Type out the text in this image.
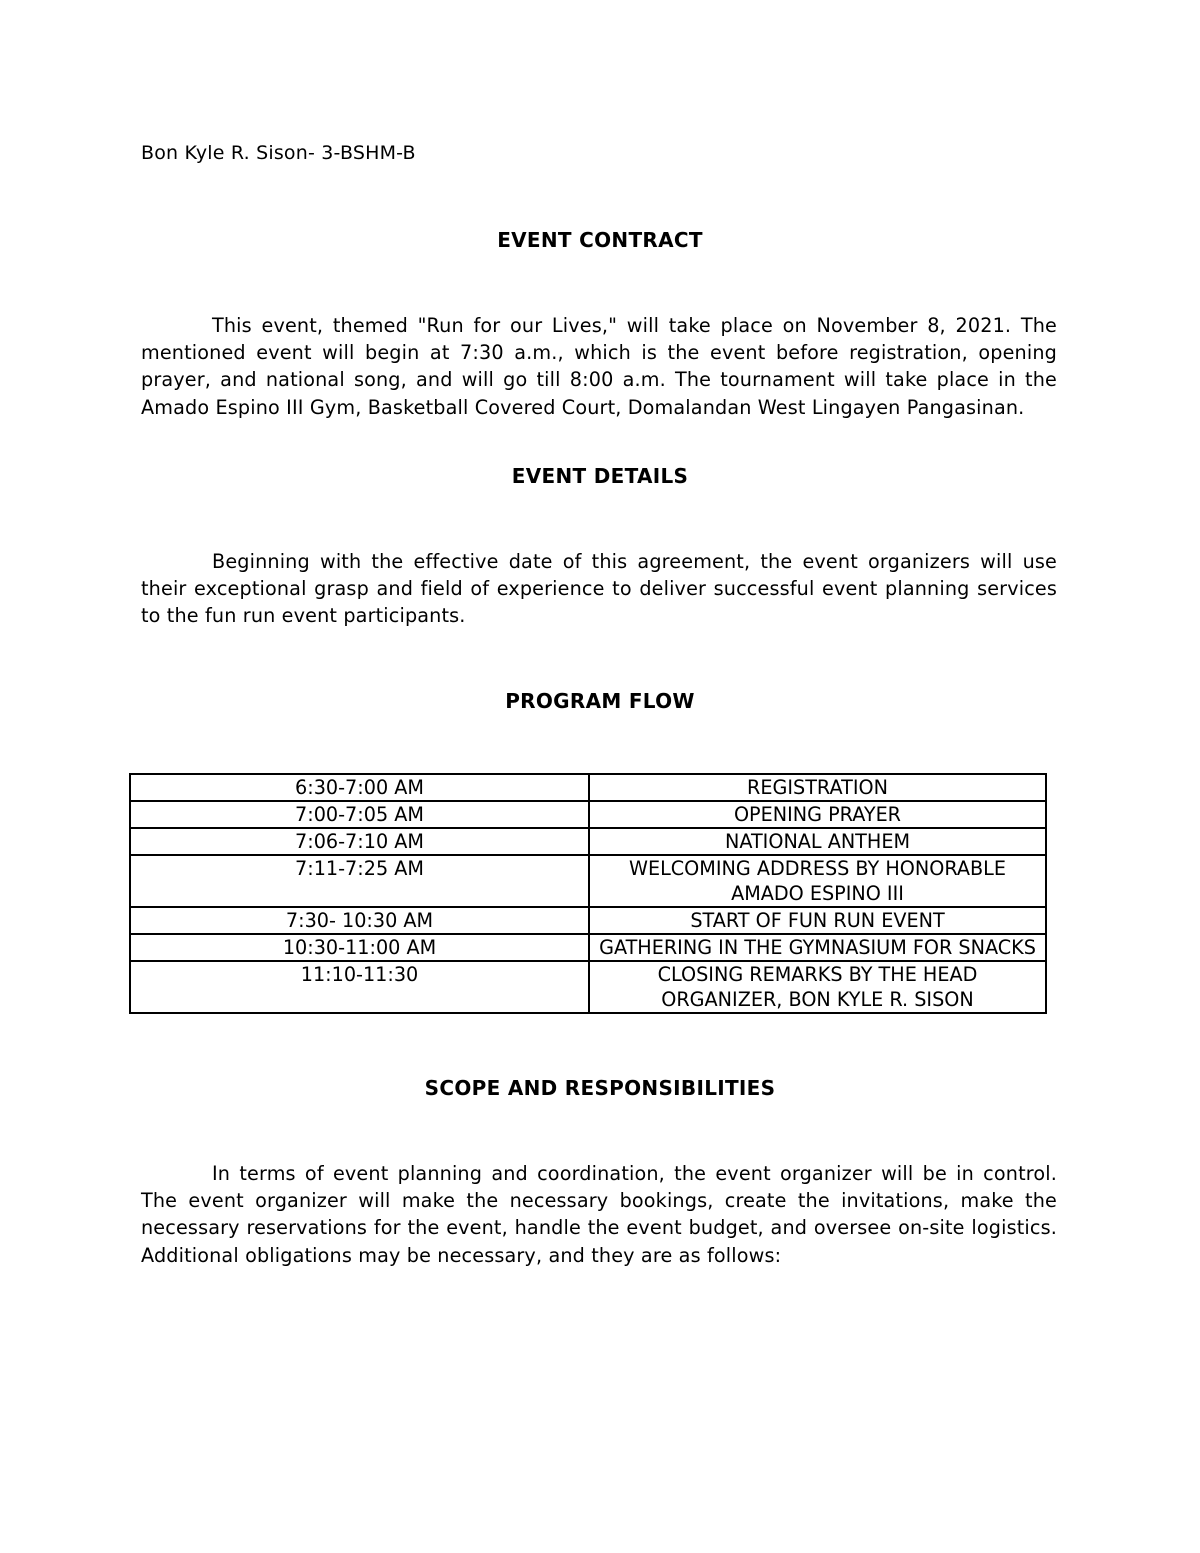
Bon Kyle R. Sison- 3-BSHM-B
EVENT CONTRACT
This event, themed "Run for our Lives," will take place on November 8, 2021. The mentioned event will begin at 7:30 a.m., which is the event before registration, opening prayer, and national song, and will go till 8:00 a.m. The tournament will take place in the Amado Espino III Gym, Basketball Covered Court, Domalandan West Lingayen Pangasinan.
EVENT DETAILS
Beginning with the effective date of this agreement, the event organizers will use their exceptional grasp and field of experience to deliver successful event planning services to the fun run event participants.
PROGRAM FLOW
6:30-7:00 AM	REGISTRATION
7:00-7:05 AM	OPENING PRAYER
7:06-7:10 AM	NATIONAL ANTHEM
7:11-7:25 AM	WELCOMING ADDRESS BY HONORABLE AMADO ESPINO III
7:30- 10:30 AM	START OF FUN RUN EVENT
10:30-11:00 AM	GATHERING IN THE GYMNASIUM FOR SNACKS
11:10-11:30	CLOSING REMARKS BY THE HEAD ORGANIZER, BON KYLE R. SISON
SCOPE AND RESPONSIBILITIES
In terms of event planning and coordination, the event organizer will be in control. The event organizer will make the necessary bookings, create the invitations, make the necessary reservations for the event, handle the event budget, and oversee on-site logistics. Additional obligations may be necessary, and they are as follows:
